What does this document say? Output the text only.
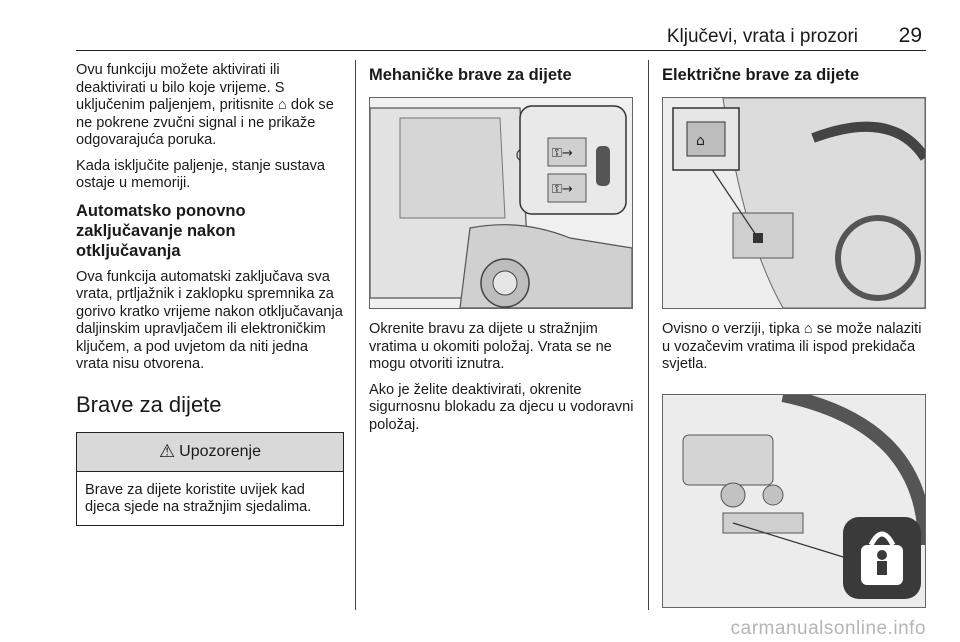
Ključevi, vrata i prozori 29

Ovu funkciju možete aktivirati ili deaktivirati u bilo koje vrijeme. S uključenim paljenjem, pritisnite ⌂ dok se ne pokrene zvučni signal i ne prikaže odgovarajuća poruka.

Kada isključite paljenje, stanje sustava ostaje u memoriji.

Automatsko ponovno zaključavanje nakon otključavanja

Ova funkcija automatski zaključava sva vrata, prtljažnik i zaklopku spremnika za gorivo kratko vrijeme nakon otključavanja daljinskim upravljačem ili elektroničkim ključem, a pod uvjetom da niti jedna vrata nisu otvorena.

Brave za dijete
⚠ Upozorenje

Brave za dijete koristite uvijek kad djeca sjede na stražnjim sjedalima.

Mehaničke brave za dijete
⚿→
⚿→

Okrenite bravu za dijete u stražnjim vratima u okomiti položaj. Vrata se ne mogu otvoriti iznutra.

Ako je želite deaktivirati, okrenite sigurnosnu blokadu za djecu u vodoravni položaj.

Električne brave za dijete
⌂

Ovisno o verziji, tipka ⌂ se može nalaziti u vozačevim vratima ili ispod prekidača svjetla.

carmanualsonline.info
